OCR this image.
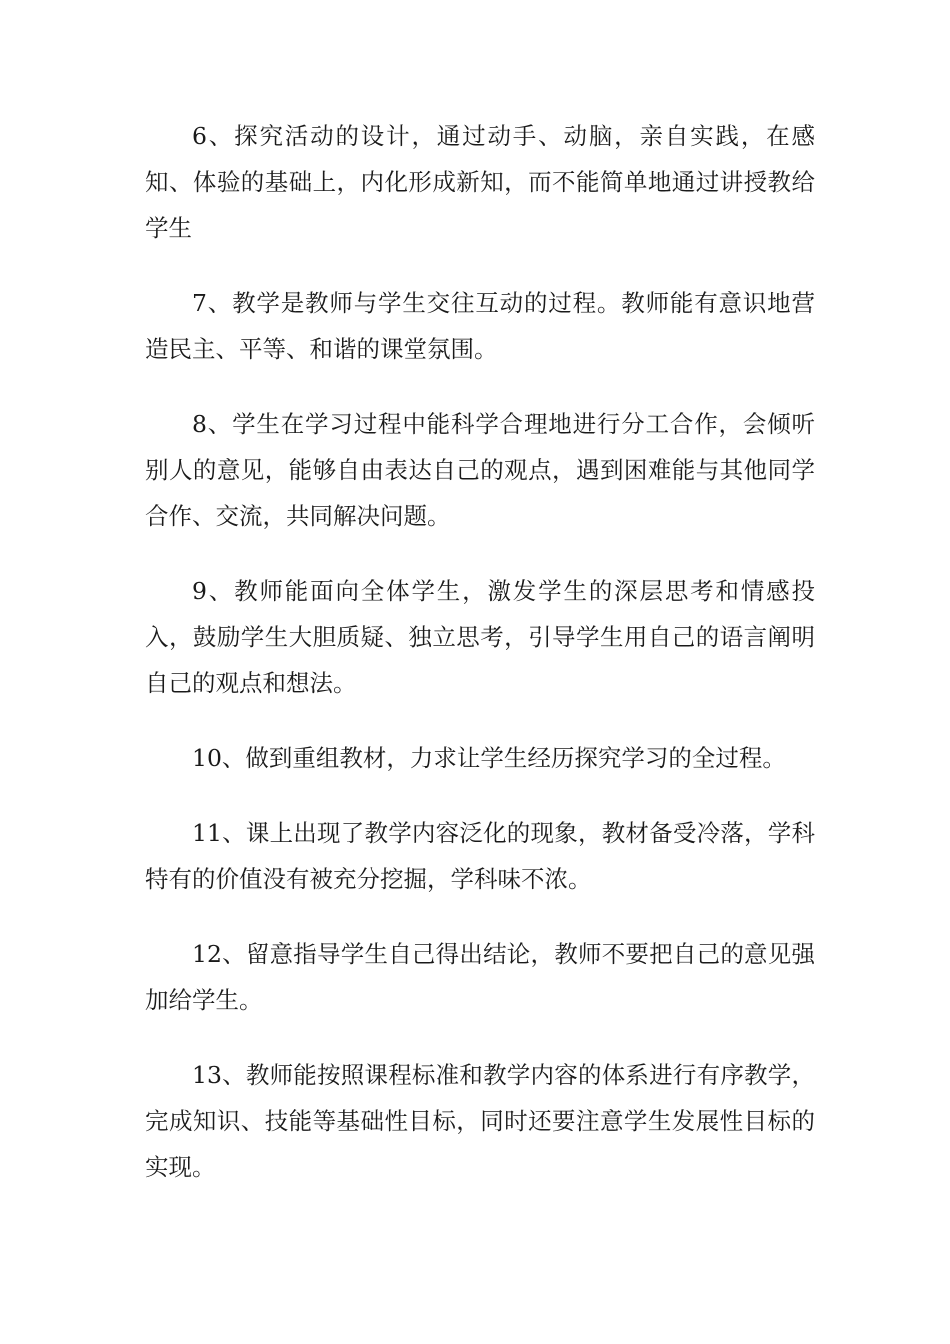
6、探究活动的设计，通过动手、动脑，亲自实践，在感知、体验的基础上，内化形成新知，而不能简单地通过讲授教给学生

7、教学是教师与学生交往互动的过程。教师能有意识地营造民主、平等、和谐的课堂氛围。

8、学生在学习过程中能科学合理地进行分工合作，会倾听别人的意见，能够自由表达自己的观点，遇到困难能与其他同学合作、交流，共同解决问题。

9、教师能面向全体学生，激发学生的深层思考和情感投入，鼓励学生大胆质疑、独立思考，引导学生用自己的语言阐明自己的观点和想法。

10、做到重组教材，力求让学生经历探究学习的全过程。

11、课上出现了教学内容泛化的现象，教材备受冷落，学科特有的价值没有被充分挖掘，学科味不浓。

12、留意指导学生自己得出结论，教师不要把自己的意见强加给学生。

13、教师能按照课程标准和教学内容的体系进行有序教学，完成知识、技能等基础性目标，同时还要注意学生发展性目标的实现。
